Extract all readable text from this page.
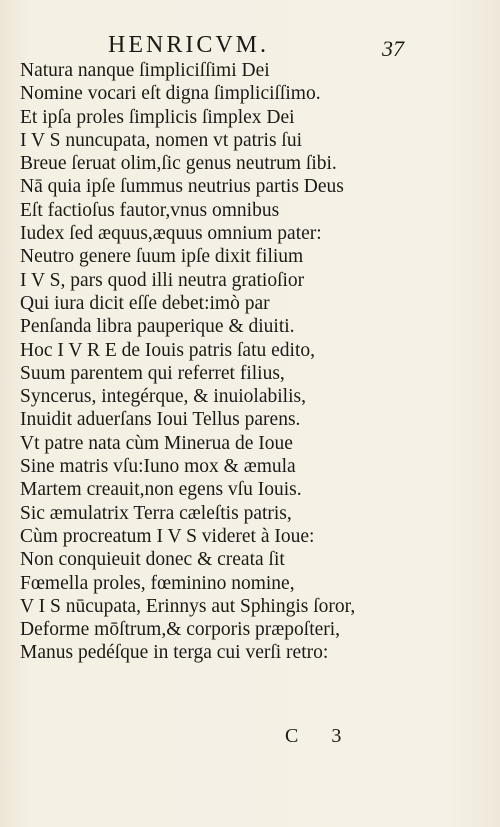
HENRICVM.	37
Natura nanque ſimpliciſſimi Dei
Nomine vocari eſt digna ſimpliciſſimo.
Et ipſa proles ſimplicis ſimplex Dei
I V S nuncupata, nomen vt patris ſui
Breue ſeruat olim,ſic genus neutrum ſibi.
Nā quia ipſe ſummus neutrius partis Deus
Eſt factioſus fautor,vnus omnibus
Iudex ſed æquus,æquus omnium pater:
Neutro genere ſuum ipſe dixit filium
I V S, pars quod illi neutra gratioſior
Qui iura dicit eſſe debet:imò par
Penſanda libra pauperique & diuiti.
Hoc I V R E de Iouis patris ſatu edito,
Suum parentem qui referret filius,
Syncerus, integérque, & inuiolabilis,
Inuidit aduerſans Ioui Tellus parens.
Vt patre nata cùm Mineruа de Ioue
Sine matris vſu:Iuno mox & æmula
Martem creauit,non egens vſu Iouis.
Sic æmulatrix Terra cæleſtis patris,
Cùm procreatum I V S videret à Ioue:
Non conquieuit donec & creata ſit
Fœmella proles, fœminino nomine,
V I S nūcupata, Erinnys aut Sphingis ſoror,
Deforme mōſtrum,& corporis præpoſteri,
Manus pedéſque in terga cui verſi retro:
C 3
